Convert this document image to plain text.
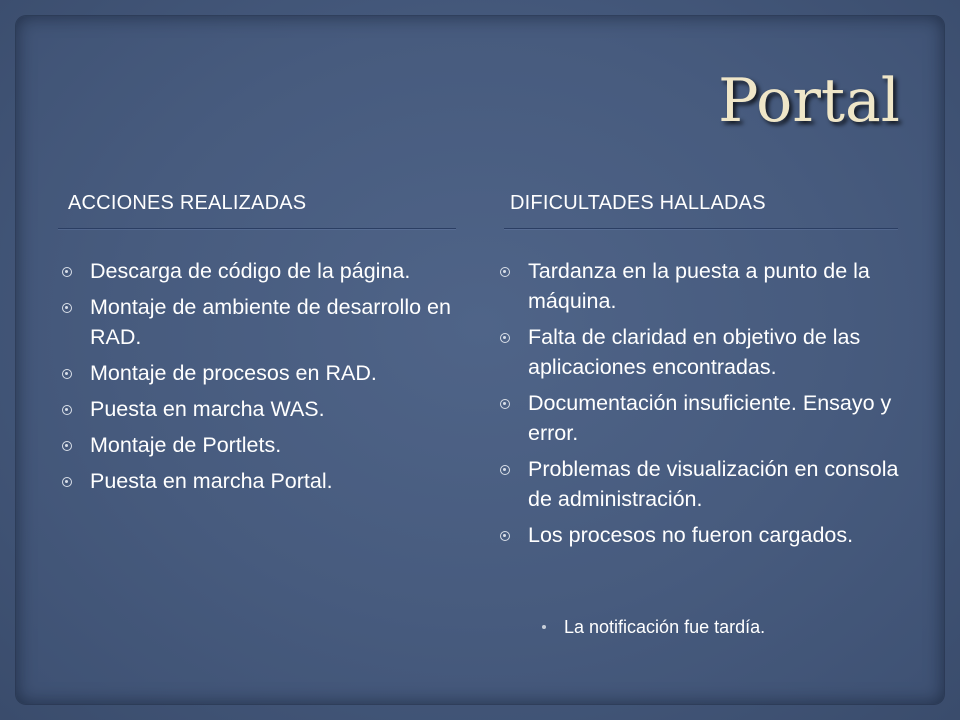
Portal
ACCIONES REALIZADAS	DIFICULTADES HALLADAS
Descarga de código de la página.
Montaje de ambiente de desarrollo en RAD.
Montaje de procesos en RAD.
Puesta en marcha WAS.
Montaje de Portlets.
Puesta en marcha Portal.
Tardanza en la puesta a punto de la máquina.
Falta de claridad en objetivo de las aplicaciones encontradas.
Documentación insuficiente. Ensayo y error.
Problemas de visualización en consola de administración.
Los procesos no fueron cargados.
La notificación fue tardía.
